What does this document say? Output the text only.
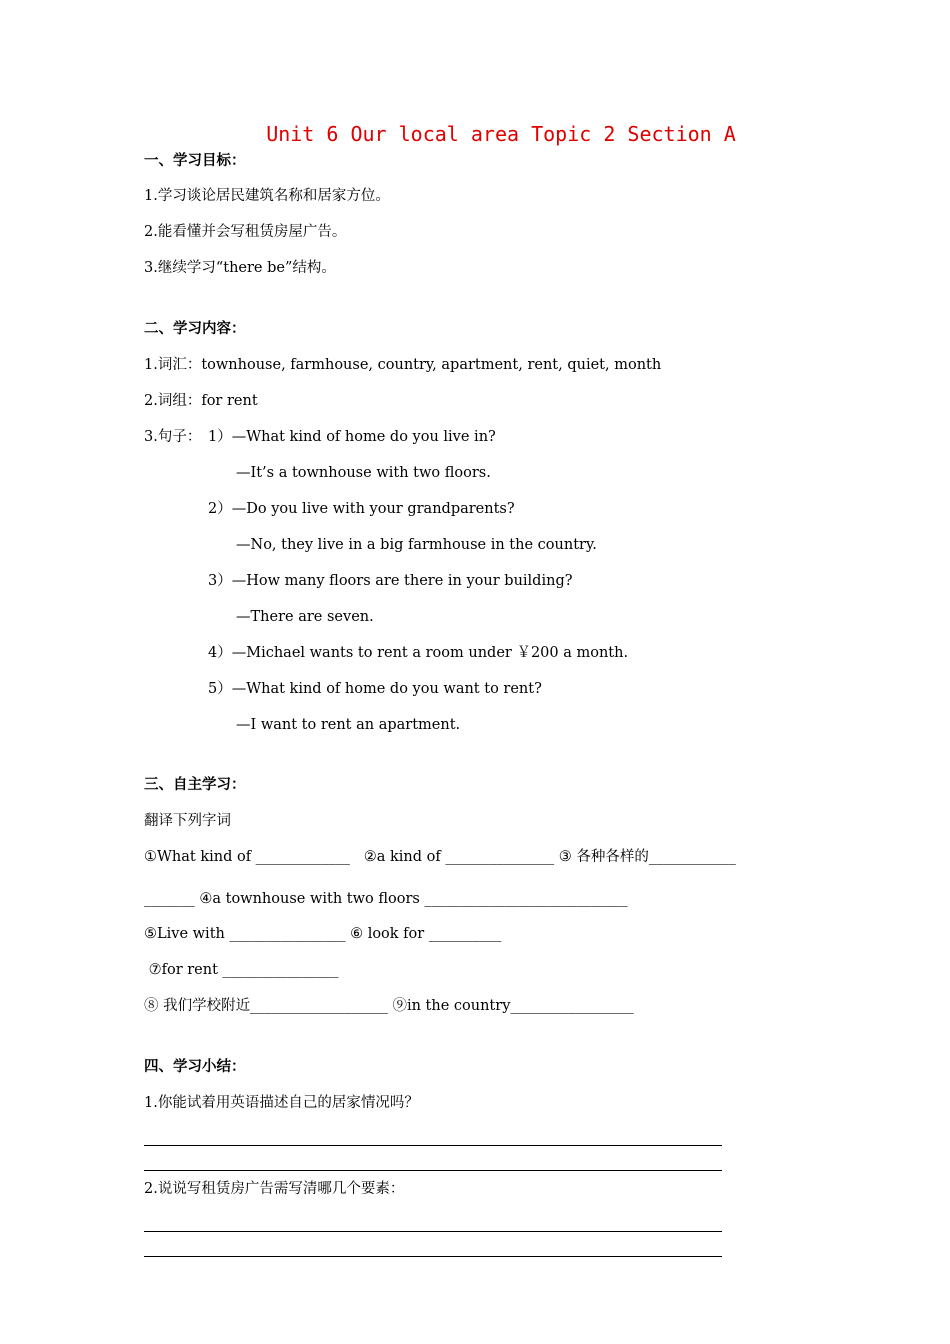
Unit 6 Our local area Topic 2 Section A
一、学习目标：
1.学习谈论居民建筑名称和居家方位。
2.能看懂并会写租赁房屋广告。
3.继续学习“there be”结构。
二、学习内容：
1.词汇：townhouse, farmhouse, country, apartment, rent, quiet, month
2.词组：for rent
3.句子： 1）—What kind of home do you live in?
—It’s a townhouse with two floors.
2）—Do you live with your grandparents?
—No, they live in a big farmhouse in the country.
3）—How many floors are there in your building?
—There are seven.
4）—Michael wants to rent a room under ￥200 a month.
5）—What kind of home do you want to rent?
—I want to rent an apartment.
三、自主学习：
翻译下列字词
①What kind of _____________   ②a kind of _______________ ③ 各种各样的____________
_______ ④a townhouse with two floors ____________________________
⑤Live with ________________ ⑥ look for __________
⑦for rent ________________
⑧ 我们学校附近___________________ ⑨in the country_________________
四、学习小结：
1.你能试着用英语描述自己的居家情况吗？
2.说说写租赁房广告需写清哪几个要素：
